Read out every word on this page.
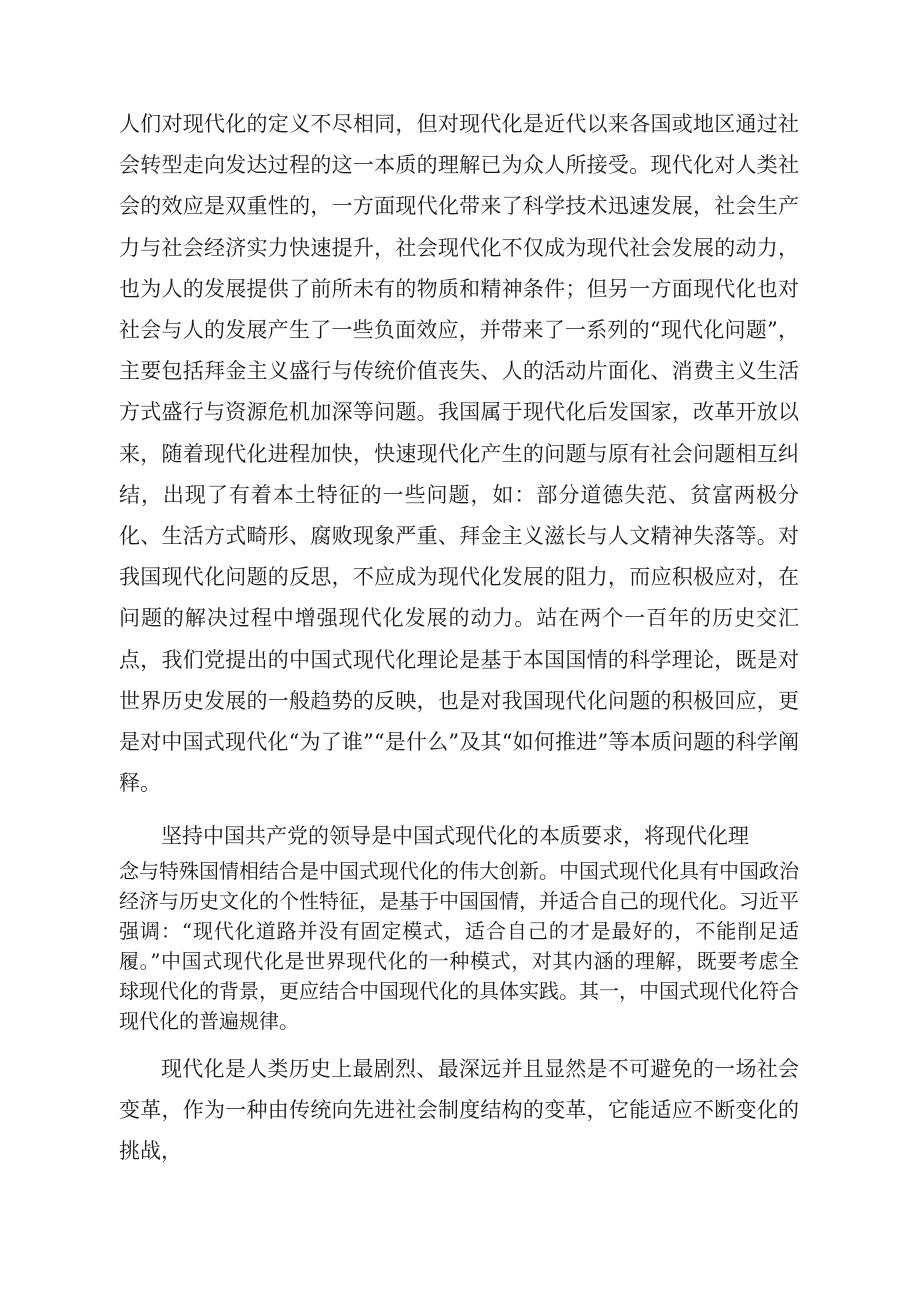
人们对现代化的定义不尽相同，但对现代化是近代以来各国或地区通过社会转型走向发达过程的这一本质的理解已为众人所接受。现代化对人类社会的效应是双重性的，一方面现代化带来了科学技术迅速发展，社会生产力与社会经济实力快速提升，社会现代化不仅成为现代社会发展的动力，也为人的发展提供了前所未有的物质和精神条件；但另一方面现代化也对社会与人的发展产生了一些负面效应，并带来了一系列的“现代化问题”，主要包括拜金主义盛行与传统价值丧失、人的活动片面化、消费主义生活方式盛行与资源危机加深等问题。我国属于现代化后发国家，改革开放以来，随着现代化进程加快，快速现代化产生的问题与原有社会问题相互纠结，出现了有着本土特征的一些问题，如：部分道德失范、贫富两极分化、生活方式畸形、腐败现象严重、拜金主义滋长与人文精神失落等。对我国现代化问题的反思，不应成为现代化发展的阻力，而应积极应对，在问题的解决过程中增强现代化发展的动力。站在两个一百年的历史交汇点，我们党提出的中国式现代化理论是基于本国国情的科学理论，既是对世界历史发展的一般趋势的反映，也是对我国现代化问题的积极回应，更是对中国式现代化“为了谁”“是什么”及其“如何推进”等本质问题的科学阐释。

坚持中国共产党的领导是中国式现代化的本质要求，将现代化理

念与特殊国情相结合是中国式现代化的伟大创新。中国式现代化具有中国政治经济与历史文化的个性特征，是基于中国国情，并适合自己的现代化。习近平强调：“现代化道路并没有固定模式，适合自己的才是最好的，不能削足适履。”中国式现代化是世界现代化的一种模式，对其内涵的理解，既要考虑全球现代化的背景，更应结合中国现代化的具体实践。其一，中国式现代化符合现代化的普遍规律。

现代化是人类历史上最剧烈、最深远并且显然是不可避免的一场社会变革，作为一种由传统向先进社会制度结构的变革，它能适应不断变化的挑战，
